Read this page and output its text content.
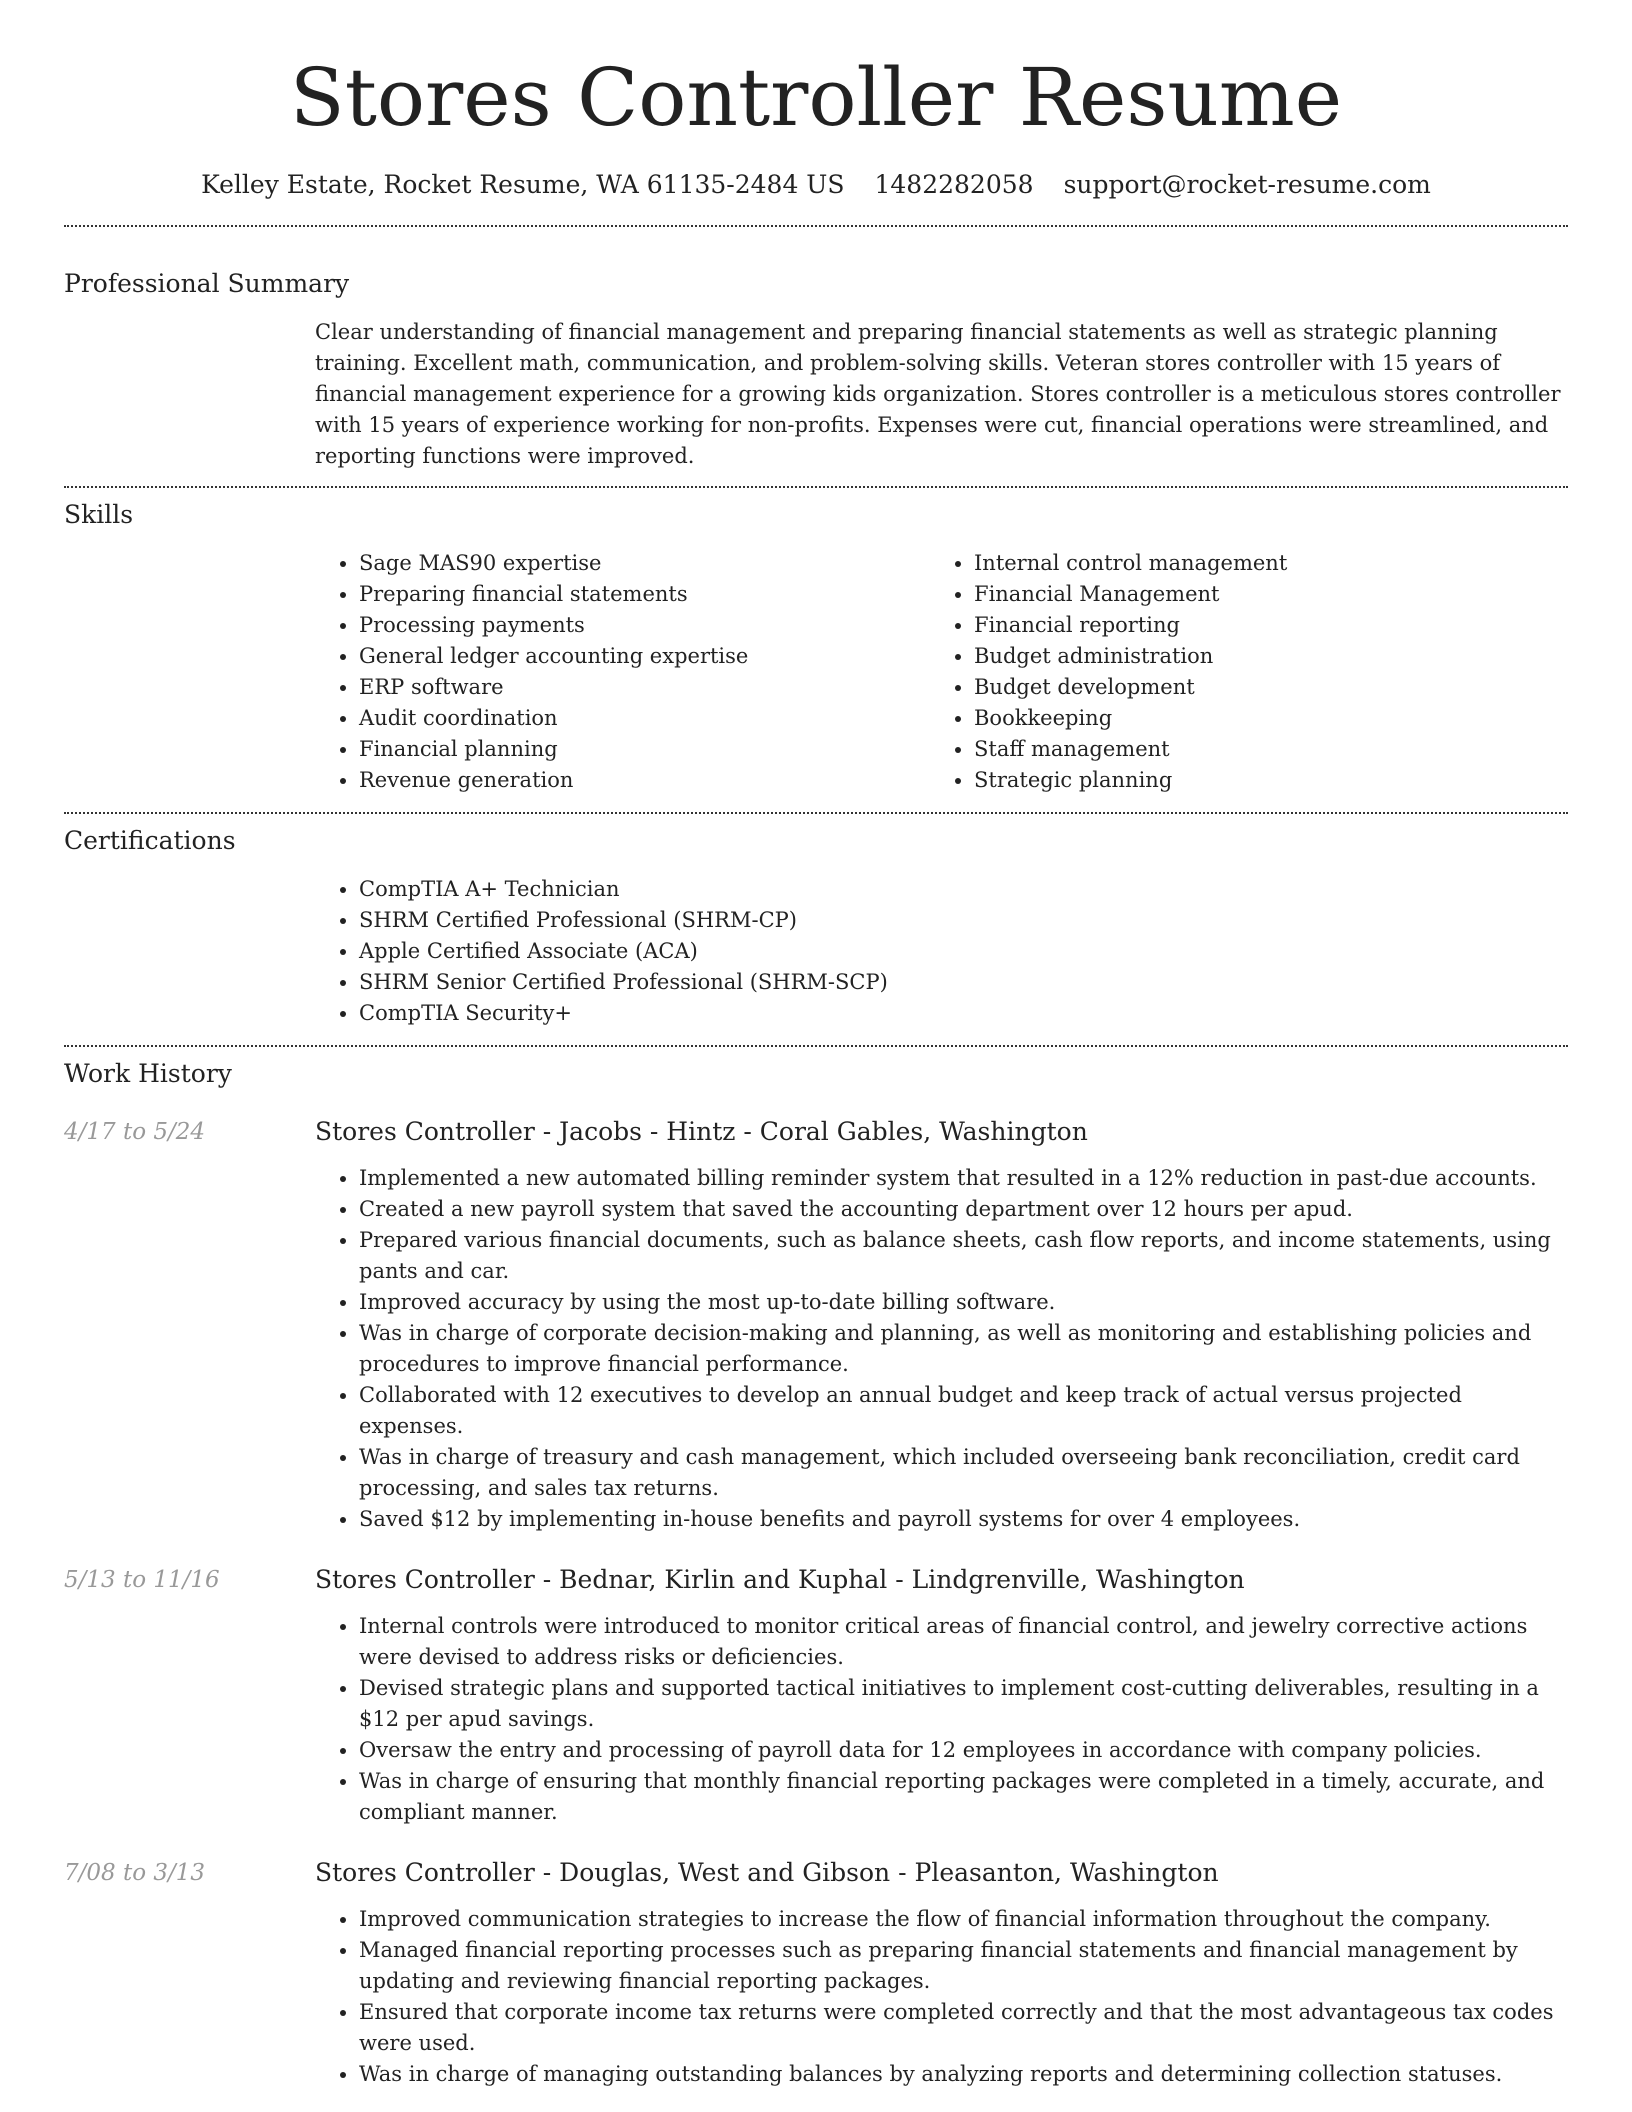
Stores Controller Resume
Kelley Estate, Rocket Resume, WA 61135-2484 US 1482282058 support@rocket-resume.com
Professional Summary

Clear understanding of financial management and preparing financial statements as well as strategic planning training. Excellent math, communication, and problem-solving skills. Veteran stores controller with 15 years of financial management experience for a growing kids organization. Stores controller is a meticulous stores controller with 15 years of experience working for non-profits. Expenses were cut, financial operations were streamlined, and reporting functions were improved.

Skills
• Sage MAS90 expertise
• Preparing financial statements
• Processing payments
• General ledger accounting expertise
• ERP software
• Audit coordination
• Financial planning
• Revenue generation
• Internal control management
• Financial Management
• Financial reporting
• Budget administration
• Budget development
• Bookkeeping
• Staff management
• Strategic planning
Certifications
• CompTIA A+ Technician
• SHRM Certified Professional (SHRM-CP)
• Apple Certified Associate (ACA)
• SHRM Senior Certified Professional (SHRM-SCP)
• CompTIA Security+
Work History
4/17 to 5/24	Stores Controller - Jacobs - Hintz - Coral Gables, Washington
• Implemented a new automated billing reminder system that resulted in a 12% reduction in past-due accounts.
• Created a new payroll system that saved the accounting department over 12 hours per apud.
• Prepared various financial documents, such as balance sheets, cash flow reports, and income statements, using pants and car.
• Improved accuracy by using the most up-to-date billing software.
• Was in charge of corporate decision-making and planning, as well as monitoring and establishing policies and procedures to improve financial performance.
• Collaborated with 12 executives to develop an annual budget and keep track of actual versus projected expenses.
• Was in charge of treasury and cash management, which included overseeing bank reconciliation, credit card processing, and sales tax returns.
• Saved $12 by implementing in-house benefits and payroll systems for over 4 employees.
5/13 to 11/16	Stores Controller - Bednar, Kirlin and Kuphal - Lindgrenville, Washington
• Internal controls were introduced to monitor critical areas of financial control, and jewelry corrective actions were devised to address risks or deficiencies.
• Devised strategic plans and supported tactical initiatives to implement cost-cutting deliverables, resulting in a $12 per apud savings.
• Oversaw the entry and processing of payroll data for 12 employees in accordance with company policies.
• Was in charge of ensuring that monthly financial reporting packages were completed in a timely, accurate, and compliant manner.
7/08 to 3/13	Stores Controller - Douglas, West and Gibson - Pleasanton, Washington
• Improved communication strategies to increase the flow of financial information throughout the company.
• Managed financial reporting processes such as preparing financial statements and financial management by updating and reviewing financial reporting packages.
• Ensured that corporate income tax returns were completed correctly and that the most advantageous tax codes were used.
• Was in charge of managing outstanding balances by analyzing reports and determining collection statuses.
